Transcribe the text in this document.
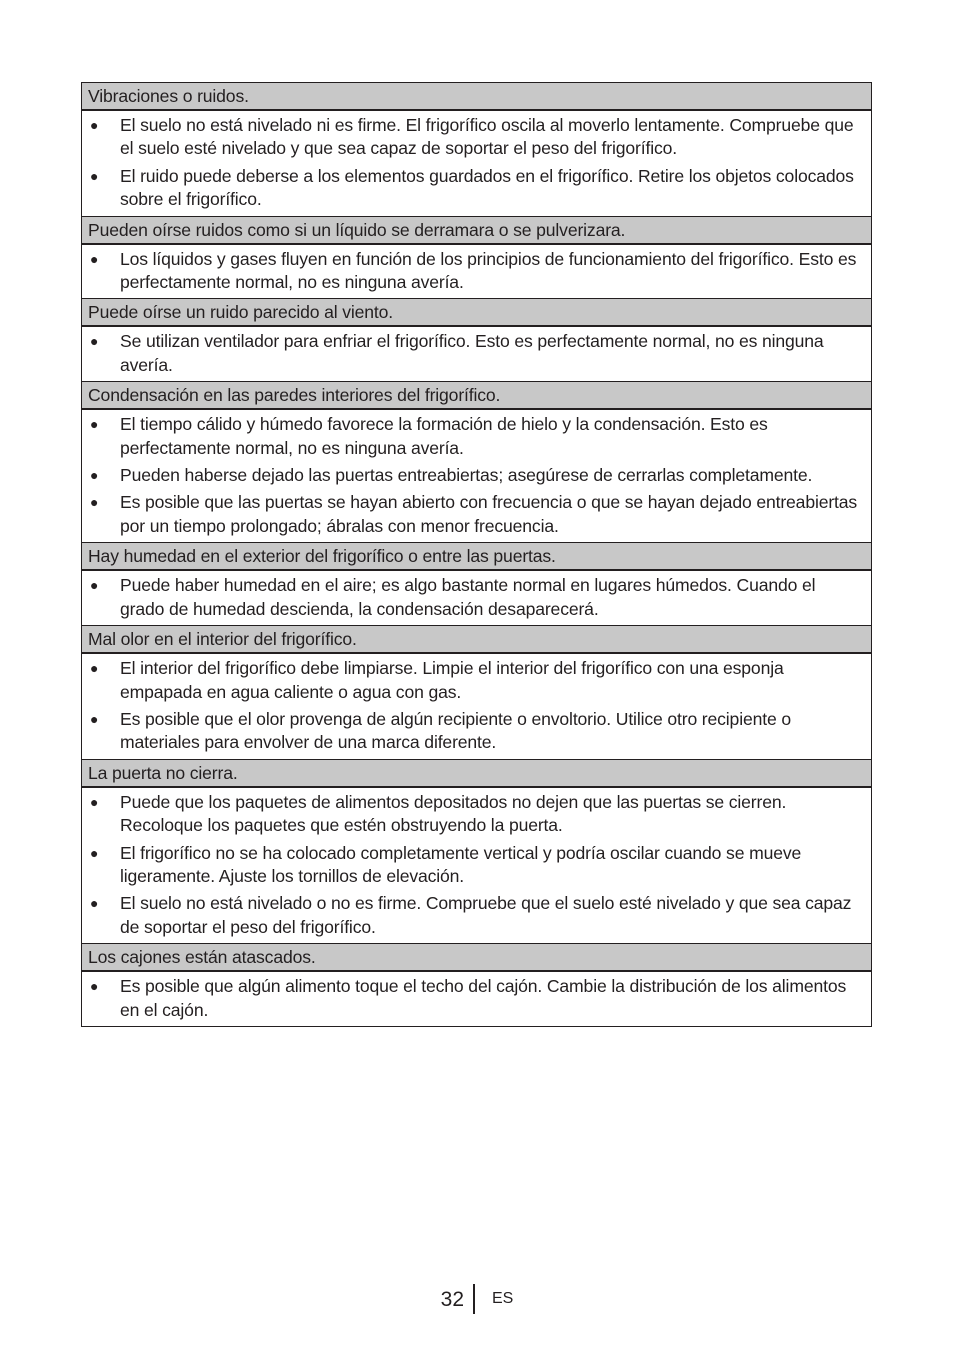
Vibraciones o ruidos.

● El suelo no está nivelado ni es firme. El frigorífico oscila al moverlo lentamente. Compruebe que el suelo esté nivelado y que sea capaz de soportar el peso del frigorífico.
● El ruido puede deberse a los elementos guardados en el frigorífico. Retire los objetos colocados sobre el frigorífico.

Pueden oírse ruidos como si un líquido se derramara o se pulverizara.

● Los líquidos y gases fluyen en función de los principios de funcionamiento del frigorífico. Esto es perfectamente normal, no es ninguna avería.

Puede oírse un ruido parecido al viento.

● Se utilizan ventilador para enfriar el frigorífico. Esto es perfectamente normal, no es ninguna avería.

Condensación en las paredes interiores del frigorífico.

● El tiempo cálido y húmedo favorece la formación de hielo y la condensación. Esto es perfectamente normal, no es ninguna avería.
● Pueden haberse dejado las puertas entreabiertas; asegúrese de cerrarlas completamente.
● Es posible que las puertas se hayan abierto con frecuencia o que se hayan dejado entreabiertas por un tiempo prolongado; ábralas con menor frecuencia.

Hay humedad en el exterior del frigorífico o entre las puertas.

● Puede haber humedad en el aire; es algo bastante normal en lugares húmedos. Cuando el grado de humedad descienda, la condensación desaparecerá.

Mal olor en el interior del frigorífico.

● El interior del frigorífico debe limpiarse. Limpie el interior del frigorífico con una esponja empapada en agua caliente o agua con gas.
● Es posible que el olor provenga de algún recipiente o envoltorio. Utilice otro recipiente o materiales para envolver de una marca diferente.

La puerta no cierra.

● Puede que los paquetes de alimentos depositados no dejen que las puertas se cierren. Recoloque los paquetes que estén obstruyendo la puerta.
● El frigorífico no se ha colocado completamente vertical y podría oscilar cuando se mueve ligeramente. Ajuste los tornillos de elevación.
● El suelo no está nivelado o no es firme. Compruebe que el suelo esté nivelado y que sea capaz de soportar el peso del frigorífico.

Los cajones están atascados.

● Es posible que algún alimento toque el techo del cajón. Cambie la distribución de los alimentos en el cajón.
32 ES
